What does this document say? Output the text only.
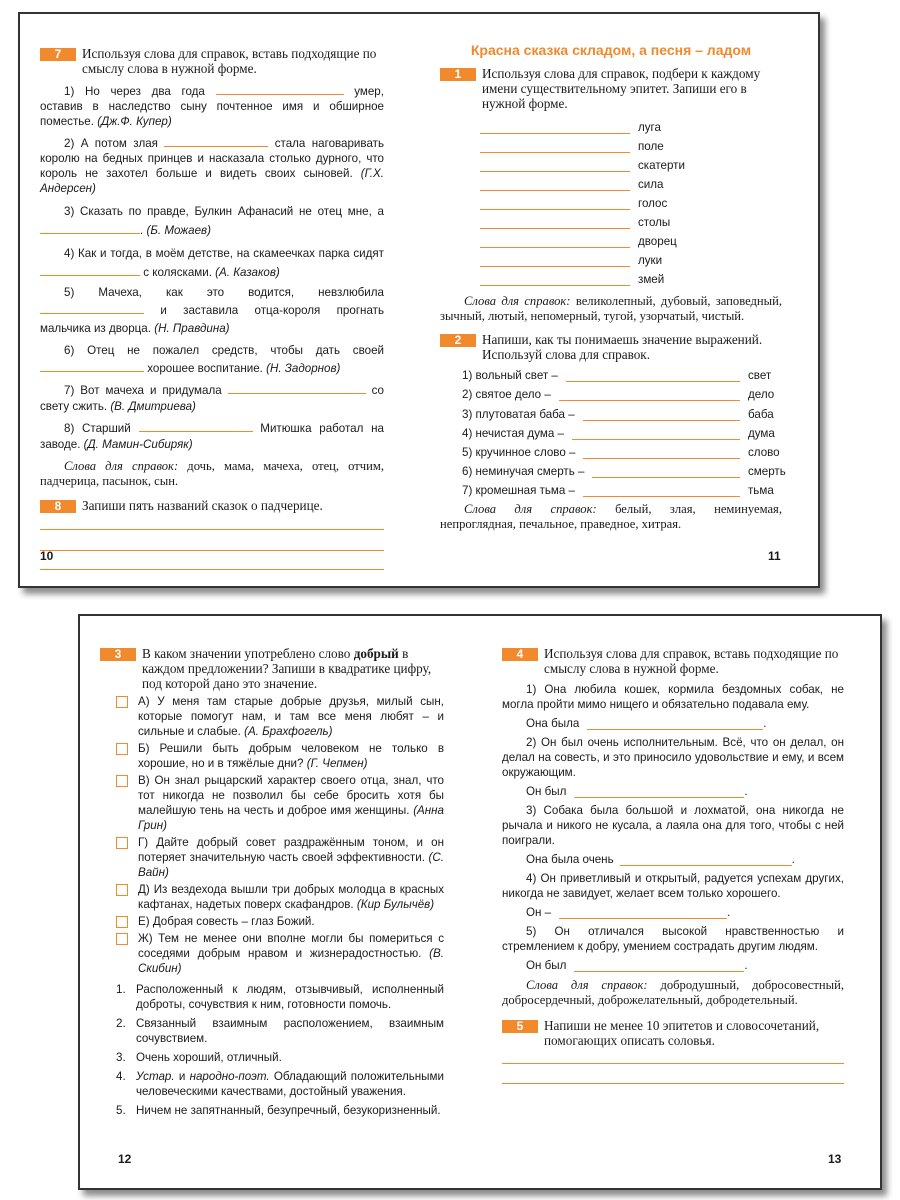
7	Используя слова для справок, вставь подходящие по смыслу слова в нужной форме.
1) Но через два года	умер, оставив в наследство сыну почтенное имя и обширное поместье. (Дж.Ф. Купер)
2) А потом злая	стала наговаривать королю на бедных принцев и насказала столько дурного, что король не захотел больше и видеть своих сыновей. (Г.Х. Андерсен)
3) Сказать по правде, Булкин Афанасий не отец мне, а . (Б. Можаев)
4) Как и тогда, в моём детстве, на скамеечках парка сидят  с колясками. (А. Казаков)
5) Мачеха, как это водится, невзлюбила  и заставила отца-короля прогнать мальчика из дворца. (Н. Правдина)
6) Отец не пожалел средств, чтобы дать своей  хорошее воспитание. (Н. Задорнов)
7) Вот мачеха и придумала	со свету сжить. (В. Дмитриева)
8) Старший	Митюшка работал на заводе. (Д. Мамин-Сибиряк)
Слова для справок: дочь, мама, мачеха, отец, отчим, падчерица, пасынок, сын.
8	Запиши пять названий сказок о падчерице.
10
Красна сказка складом, а песня – ладом
1	Используя слова для справок, подбери к каждому имени существительному эпитет. Запиши его в нужной форме.
луга
поле
скатерти
сила
голос
столы
дворец
луки
змей
Слова для справок: великолепный, дубовый, заповедный, зычный, лютый, непомерный, тугой, узорчатый, чистый.
2	Напиши, как ты понимаешь значение выражений. Используй слова для справок.
1) вольный свет –	свет
2) святое дело –	дело
3) плутоватая баба –	баба
4) нечистая дума –	дума
5) кручинное слово –	слово
6) неминучая смерть –	смерть
7) кромешная тьма –	тьма
Слова для справок: белый, злая, неминуемая, непроглядная, печальное, праведное, хитрая.
11
3	В каком значении употреблено слово добрый в каждом предложении? Запиши в квадратике цифру, под которой дано это значение.
А) У меня там старые добрые друзья, милый сын, которые помогут нам, и там все меня любят – и сильные и слабые. (А. Брахфогель)
Б) Решили быть добрым человеком не только в хорошие, но и в тяжёлые дни? (Г. Чепмен)
В) Он знал рыцарский характер своего отца, знал, что тот никогда не позволил бы себе бросить хотя бы малейшую тень на честь и доброе имя женщины. (Анна Грин)
Г) Дайте добрый совет раздражённым тоном, и он потеряет значительную часть своей эффективности. (С. Вайн)
Д) Из вездехода вышли три добрых молодца в красных кафтанах, надетых поверх скафандров. (Кир Булычёв)
Е) Добрая совесть – глаз Божий.
Ж) Тем не менее они вполне могли бы помериться с соседями добрым нравом и жизнерадостностью. (В. Скибин)
1. Расположенный к людям, отзывчивый, исполненный доброты, сочувствия к ним, готовности помочь.
2. Связанный взаимным расположением, взаимным сочувствием.
3. Очень хороший, отличный.
4. Устар. и народно-поэт. Обладающий положительными человеческими качествами, достойный уважения.
5. Ничем не запятнанный, безупречный, безукоризненный.
12
4	Используя слова для справок, вставь подходящие по смыслу слова в нужной форме.
1) Она любила кошек, кормила бездомных собак, не могла пройти мимо нищего и обязательно подавала ему.
Она была	.
2) Он был очень исполнительным. Всё, что он делал, он делал на совесть, и это приносило удовольствие и ему, и всем окружающим.
Он был	.
3) Собака была большой и лохматой, она никогда не рычала и никого не кусала, а лаяла она для того, чтобы с ней поиграли.
Она была очень	.
4) Он приветливый и открытый, радуется успехам других, никогда не завидует, желает всем только хорошего.
Он –	.
5) Он отличался высокой нравственностью и стремлением к добру, умением сострадать другим людям.
Он был	.
Слова для справок: добродушный, добросовестный, добросердечный, доброжелательный, добродетельный.
5	Напиши не менее 10 эпитетов и словосочетаний, помогающих описать соловья.
13
